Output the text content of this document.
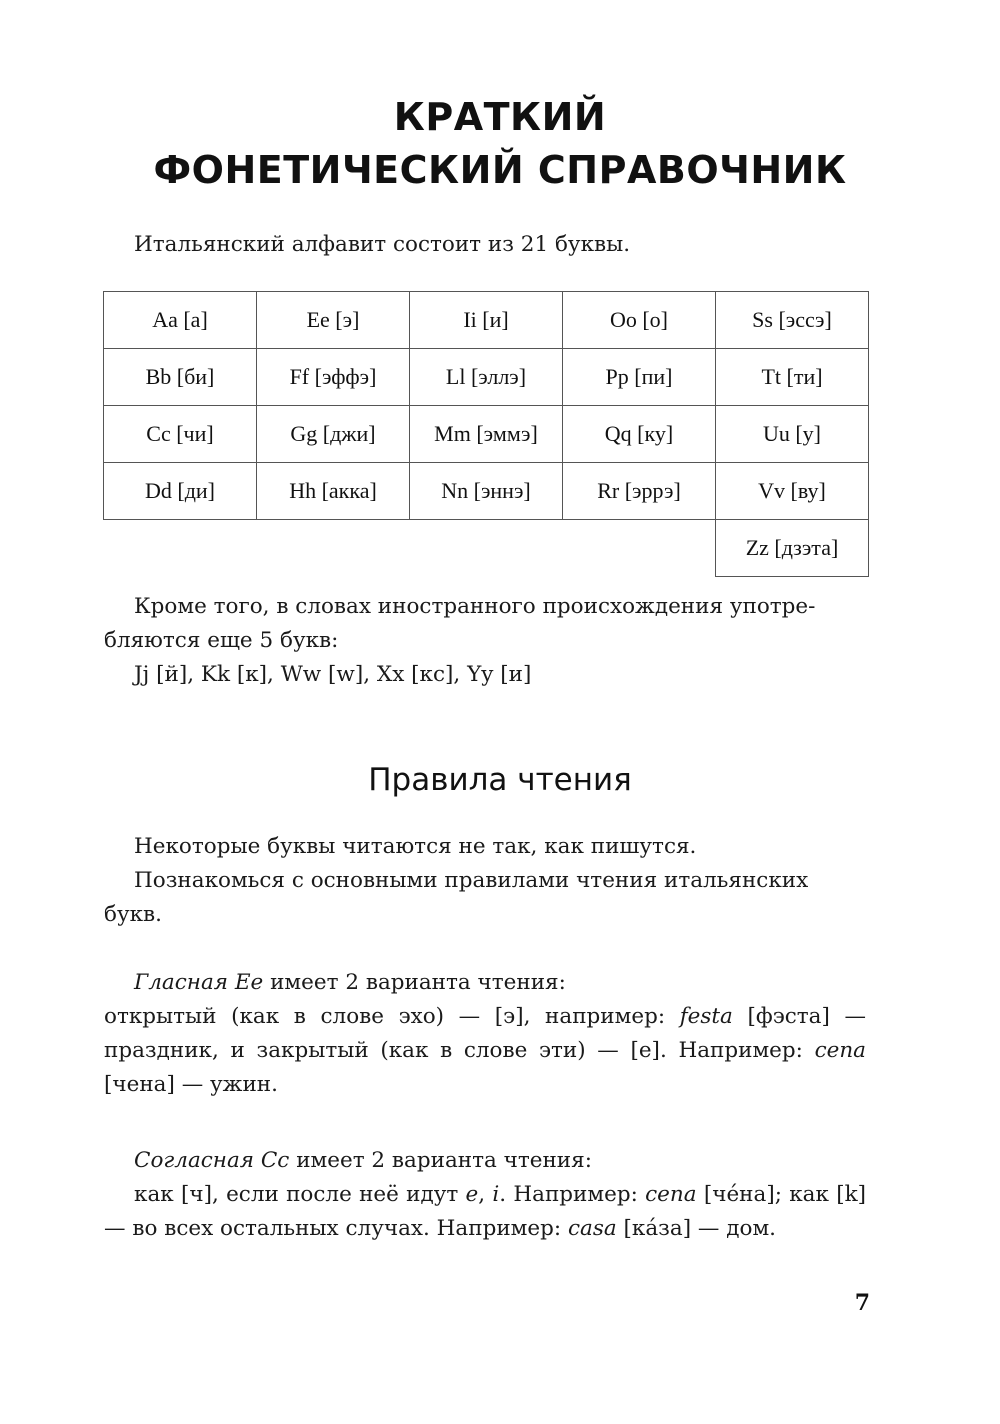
КРАТКИЙ
ФОНЕТИЧЕСКИЙ СПРАВОЧНИК
Итальянский алфавит состоит из 21 буквы.
Aa [a]	Ee [э]	Ii [и]	Oo [o]	Ss [эссэ]
Bb [би]	Ff [эффэ]	Ll [эллэ]	Pp [пи]	Tt [ти]
Cc [чи]	Gg [джи]	Mm [эммэ]	Qq [ку]	Uu [у]
Dd [ди]	Hh [акка]	Nn [эннэ]	Rr [эррэ]	Vv [ву]
				Zz [дзэта]
Кроме того, в словах иностранного происхождения употре-
бляются еще 5 букв:
Jj [й], Kk [к], Ww [w], Xx [кс], Yy [и]
Правила чтения
Некоторые буквы читаются не так, как пишутся.
Познакомься с основными правилами чтения итальянских букв.
Гласная Ee имеет 2 варианта чтения:
открытый (как в слове эхо) — [э], например: festa [фэста] — праздник, и закрытый (как в слове эти) — [e]. Например: cena [чена] — ужин.
Согласная Cc имеет 2 варианта чтения:
как [ч], если после неё идут e, i. Например: cena [че́на]; как [k] — во всех остальных случах. Например: casa [ка́за] — дом.
7
